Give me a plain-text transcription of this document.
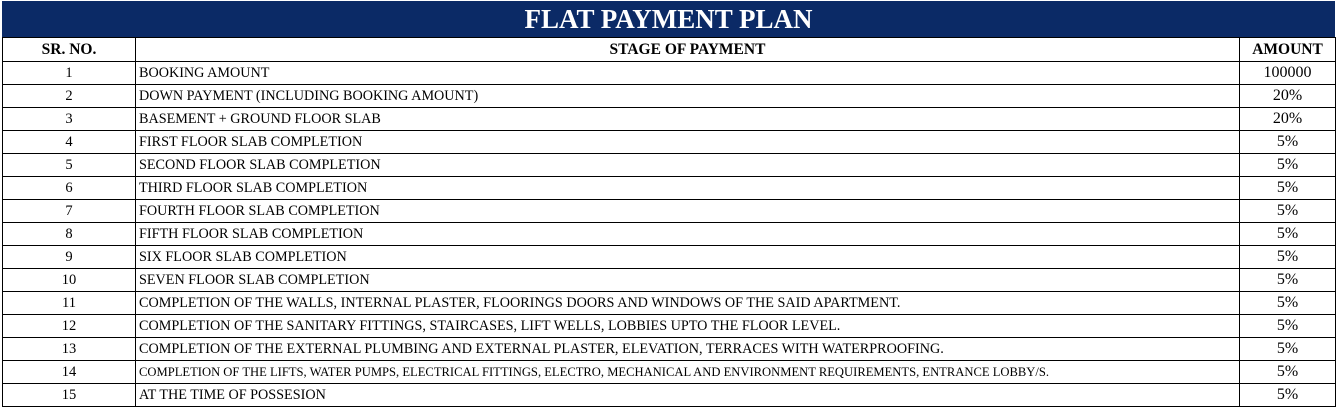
FLAT PAYMENT PLAN
SR. NO.	STAGE OF PAYMENT	AMOUNT
1	BOOKING AMOUNT	100000
2	DOWN PAYMENT (INCLUDING BOOKING AMOUNT)	20%
3	BASEMENT + GROUND FLOOR SLAB	20%
4	FIRST FLOOR SLAB COMPLETION	5%
5	SECOND FLOOR SLAB COMPLETION	5%
6	THIRD FLOOR SLAB COMPLETION	5%
7	FOURTH FLOOR SLAB COMPLETION	5%
8	FIFTH FLOOR SLAB COMPLETION	5%
9	SIX FLOOR SLAB COMPLETION	5%
10	SEVEN FLOOR SLAB COMPLETION	5%
11	COMPLETION OF THE WALLS, INTERNAL PLASTER, FLOORINGS DOORS AND WINDOWS OF THE SAID APARTMENT.	5%
12	COMPLETION OF THE SANITARY FITTINGS, STAIRCASES, LIFT WELLS, LOBBIES UPTO THE FLOOR LEVEL.	5%
13	COMPLETION OF THE EXTERNAL PLUMBING AND EXTERNAL PLASTER, ELEVATION, TERRACES WITH WATERPROOFING.	5%
14	COMPLETION OF THE LIFTS, WATER PUMPS, ELECTRICAL FITTINGS, ELECTRO, MECHANICAL AND ENVIRONMENT REQUIREMENTS, ENTRANCE LOBBY/S.	5%
15	AT THE TIME OF POSSESION	5%
